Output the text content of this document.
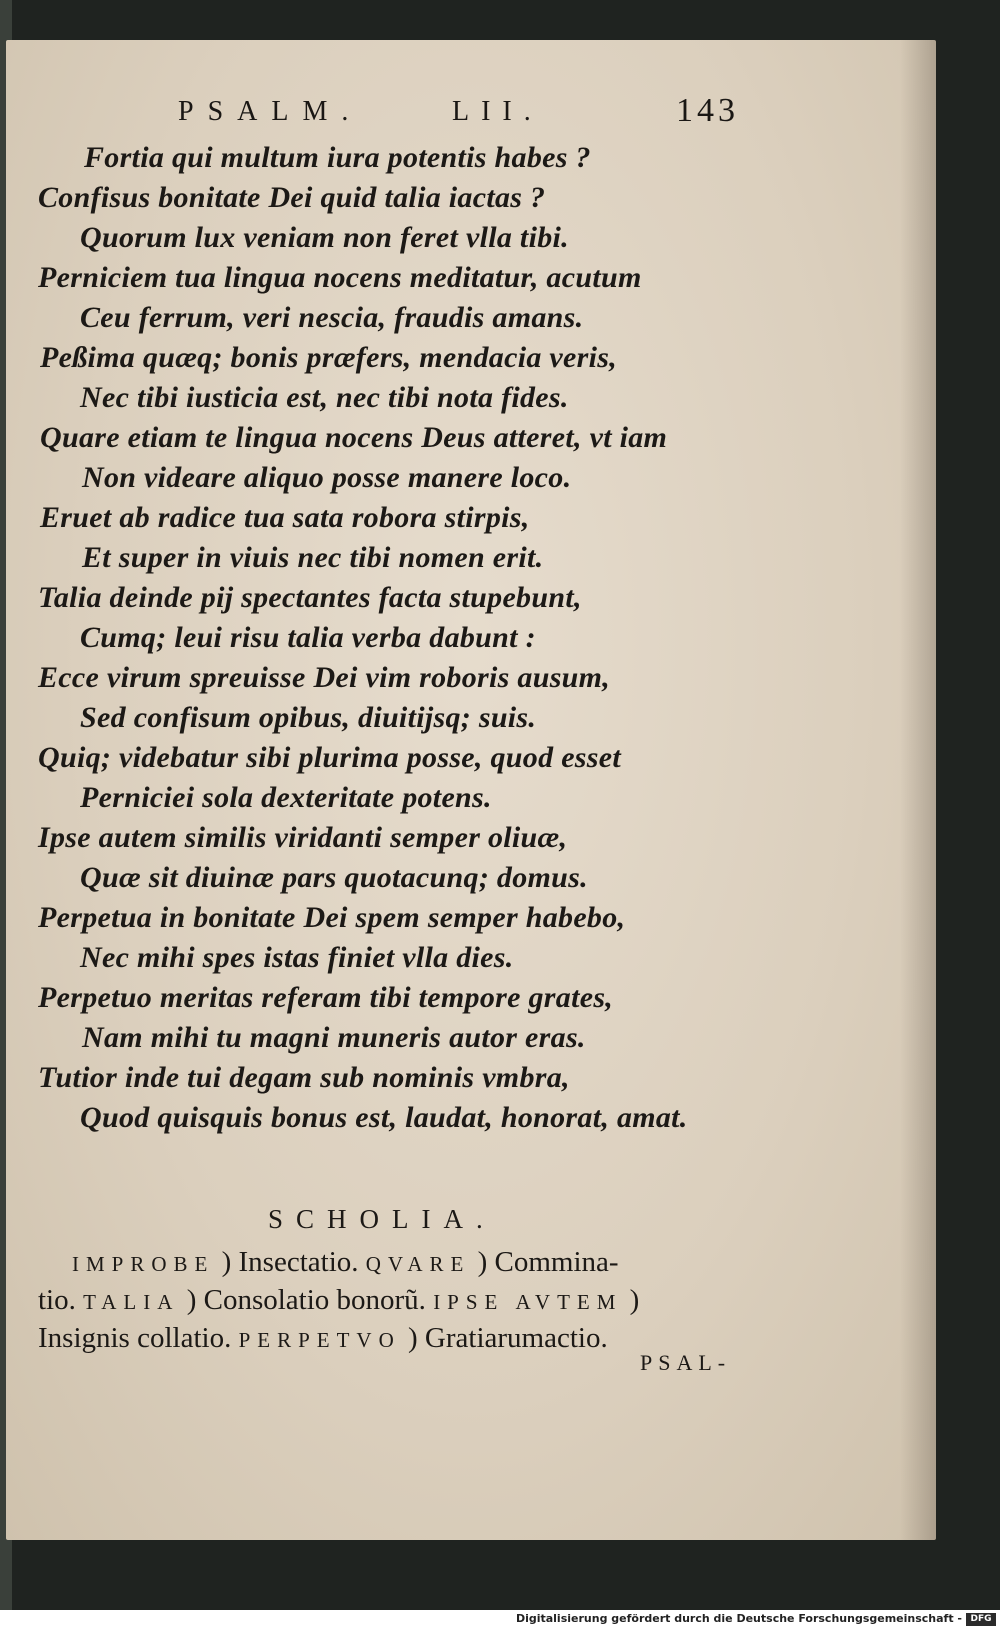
PSALM.	LII.	143
Fortia qui multum iura potentis habes ?
Confisus bonitate Dei quid talia iactas ?
Quorum lux veniam non feret vlla tibi.
Perniciem tua lingua nocens meditatur, acutum
Ceu ferrum, veri nescia, fraudis amans.
Peßima quæq; bonis præfers, mendacia veris,
Nec tibi iusticia est, nec tibi nota fides.
Quare etiam te lingua nocens Deus atteret, vt iam
Non videare aliquo posse manere loco.
Eruet ab radice tua sata robora stirpis,
Et super in viuis nec tibi nomen erit.
Talia deinde pij spectantes facta stupebunt,
Cumq; leui risu talia verba dabunt :
Ecce virum spreuisse Dei vim roboris ausum,
Sed confisum opibus, diuitijsq; suis.
Quiq; videbatur sibi plurima posse, quod esset
Perniciei sola dexteritate potens.
Ipse autem similis viridanti semper oliuæ,
Quæ sit diuinæ pars quotacunq; domus.
Perpetua in bonitate Dei spem semper habebo,
Nec mihi spes istas finiet vlla dies.
Perpetuo meritas referam tibi tempore grates,
Nam mihi tu magni muneris autor eras.
Tutior inde tui degam sub nominis vmbra,
Quod quisquis bonus est, laudat, honorat, amat.
SCHOLIA.
IMPROBE ) Insectatio. QVARE ) Commina-
tio. TALIA ) Consolatio bonorũ. IPSE AVTEM )
Insignis collatio. PERPETVO ) Gratiarumactio.
PSAL-
Digitalisierung gefördert durch die Deutsche Forschungsgemeinschaft - DFG
